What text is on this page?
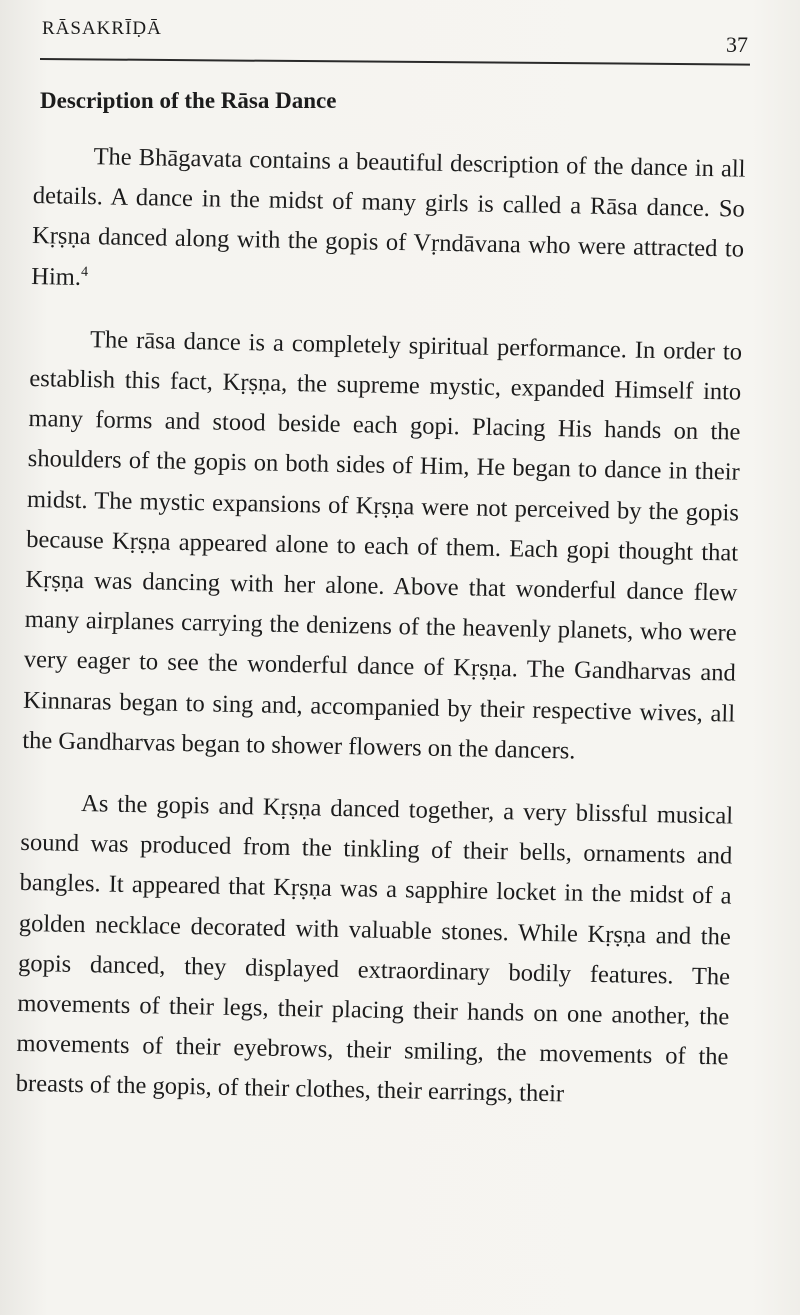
RĀSAKRĪḌĀ
37
Description of the Rāsa Dance

The Bhāgavata contains a beautiful description of the dance in all details. A dance in the midst of many girls is called a Rāsa dance. So Kṛṣṇa danced along with the gopis of Vṛndāvana who were attracted to Him.$^4$

The rāsa dance is a completely spiritual performance. In order to establish this fact, Kṛṣṇa, the supreme mystic, expanded Himself into many forms and stood beside each gopi. Placing His hands on the shoulders of the gopis on both sides of Him, He began to dance in their midst. The mystic expansions of Kṛṣṇa were not perceived by the gopis because Kṛṣṇa appeared alone to each of them. Each gopi thought that Kṛṣṇa was dancing with her alone. Above that wonderful dance flew many airplanes carrying the denizens of the heavenly planets, who were very eager to see the wonderful dance of Kṛṣṇa. The Gandharvas and Kinnaras began to sing and, accompanied by their respective wives, all the Gandharvas began to shower flowers on the dancers.

As the gopis and Kṛṣṇa danced together, a very blissful musical sound was produced from the tinkling of their bells, ornaments and bangles. It appeared that Kṛṣṇa was a sapphire locket in the midst of a golden necklace decorated with valuable stones. While Kṛṣṇa and the gopis danced, they displayed extraordinary bodily features. The movements of their legs, their placing their hands on one another, the movements of their eyebrows, their smiling, the movements of the breasts of the gopis, of their clothes, their earrings, their
